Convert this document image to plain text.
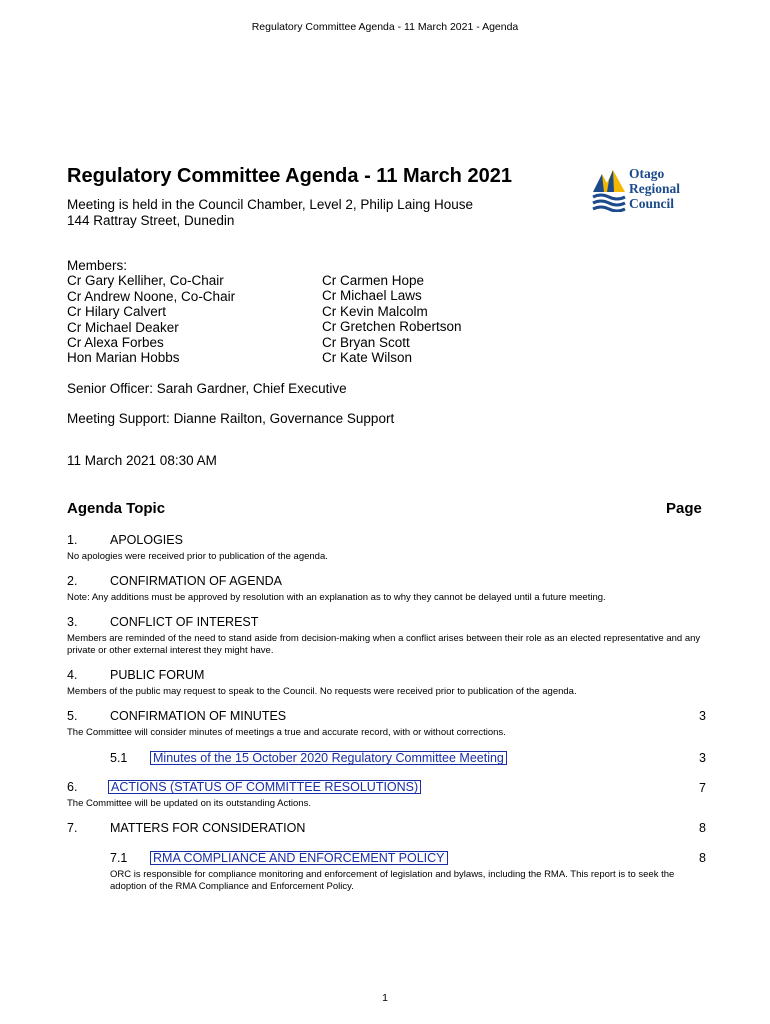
Regulatory Committee Agenda - 11 March 2021 - Agenda
Regulatory Committee Agenda - 11 March 2021
Meeting is held in the Council Chamber, Level 2, Philip Laing House
144 Rattray Street, Dunedin
Otago
Regional
Council
Members:
Cr Gary Kelliher, Co-Chair
Cr Andrew Noone, Co-Chair
Cr Hilary Calvert
Cr Michael Deaker
Cr Alexa Forbes
Hon Marian Hobbs
Cr Carmen Hope
Cr Michael Laws
Cr Kevin Malcolm
Cr Gretchen Robertson
Cr Bryan Scott
Cr Kate Wilson
Senior Officer: Sarah Gardner, Chief Executive
Meeting Support: Dianne Railton, Governance Support
11 March 2021 08:30 AM
Agenda Topic	Page
1.	APOLOGIES
No apologies were received prior to publication of the agenda.
2.	CONFIRMATION OF AGENDA
Note: Any additions must be approved by resolution with an explanation as to why they cannot be delayed until a future meeting.
3.	CONFLICT OF INTEREST
Members are reminded of the need to stand aside from decision-making when a conflict arises between their role as an elected representative and any private or other external interest they might have.
4.	PUBLIC FORUM
Members of the public may request to speak to the Council. No requests were received prior to publication of the agenda.
5.	CONFIRMATION OF MINUTES	3
The Committee will consider minutes of meetings a true and accurate record, with or without corrections.
5.1 Minutes of the 15 October 2020 Regulatory Committee Meeting	3
6.	ACTIONS (STATUS OF COMMITTEE RESOLUTIONS)	7
The Committee will be updated on its outstanding Actions.
7.	MATTERS FOR CONSIDERATION	8
7.1 RMA COMPLIANCE AND ENFORCEMENT POLICY	8
ORC is responsible for compliance monitoring and enforcement of legislation and bylaws, including the RMA. This report is to seek the adoption of the RMA Compliance and Enforcement Policy.
1
